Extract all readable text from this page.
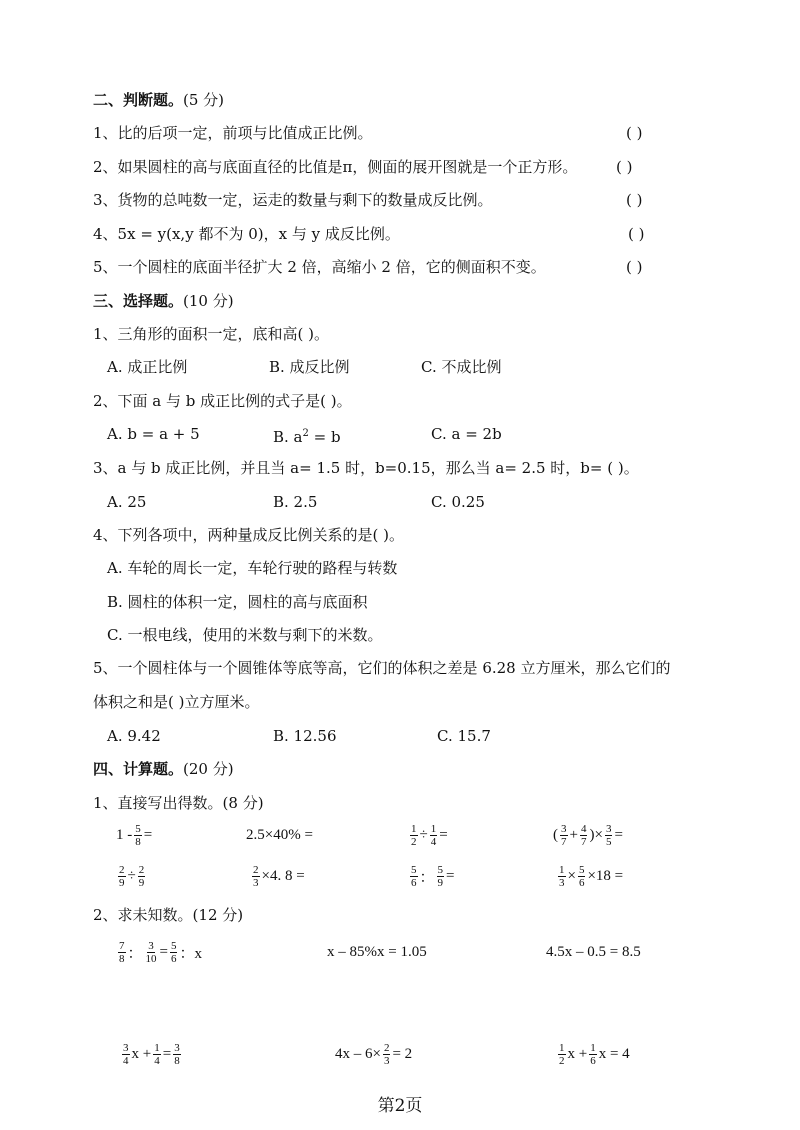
二、判断题。(5 分)
1、比的后项一定，前项与比值成正比例。	( )
2、如果圆柱的高与底面直径的比值是π，侧面的展开图就是一个正方形。	( )
3、货物的总吨数一定，运走的数量与剩下的数量成反比例。	( )
4、5x = y(x,y 都不为 0)，x 与 y 成反比例。	( )
5、一个圆柱的底面半径扩大 2 倍，高缩小 2 倍，它的侧面积不变。	( )
三、选择题。(10 分)
1、三角形的面积一定，底和高( )。
A. 成正比例	B. 成反比例	C. 不成比例
2、下面 a 与 b 成正比例的式子是( )。
A. b = a + 5	B. $a^2 = b$	C. a = 2b
3、a 与 b 成正比例，并且当 a= 1.5 时，b=0.15，那么当 a= 2.5 时，b= ( )。
A. 25	B. 2.5	C. 0.25
4、下列各项中，两种量成反比例关系的是( )。
A. 车轮的周长一定，车轮行驶的路程与转数
B. 圆柱的体积一定，圆柱的高与底面积
C. 一根电线，使用的米数与剩下的米数。
5、一个圆柱体与一个圆锥体等底等高，它们的体积之差是 6.28 立方厘米，那么它们的
体积之和是( )立方厘米。
A. 9.42	B. 12.56	C. 15.7
四、计算题。(20 分)
1、直接写出得数。(8 分)
$1 - \frac{5}{8}$ =	2.5×40% =	$\frac{1}{2} \div \frac{1}{4}$ =	( $\frac{3}{7} + \frac{4}{7}$ )× $\frac{3}{5}$ =
$\frac{2}{9} \div \frac{2}{9}$	$\frac{2}{3} \times 4$. 8 =	$\frac{5}{6}$ ： $\frac{5}{9}$ =	$\frac{1}{3} \times \frac{5}{6} \times 18$ =
2、求未知数。(12 分)
$\frac{7}{8}$ ： $\frac{3}{10} = \frac{5}{6}$ ：x	x – 85%x = 1.05	4.5x – 0.5 = 8.5
$\frac{3}{4}$ $x + \frac{1}{4} = \frac{3}{8}$	$4x - 6\times \frac{2}{3} = 2$	$\frac{1}{2}$ $x + \frac{1}{6}$ x = 4
第2页
